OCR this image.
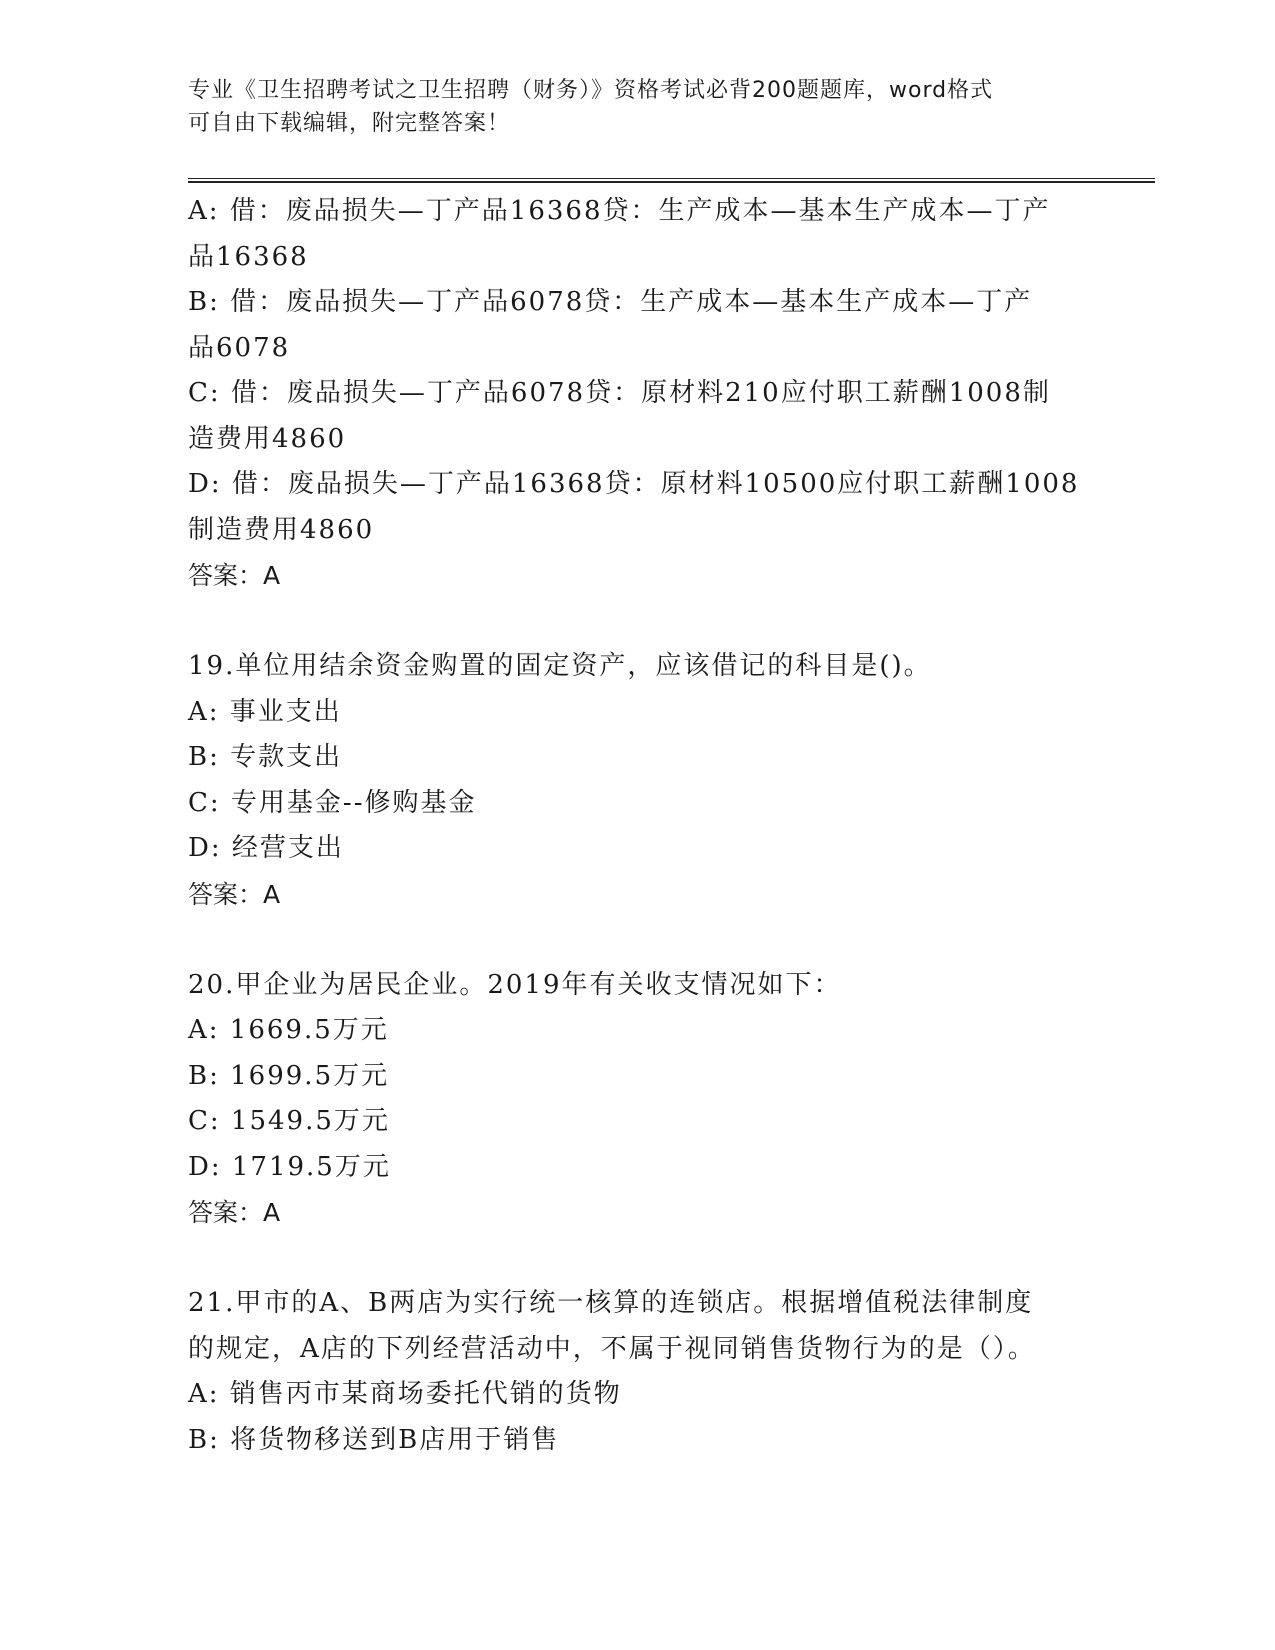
专业《卫生招聘考试之卫生招聘（财务）》资格考试必背200题题库，word格式
可自由下载编辑，附完整答案！
A: 借：废品损失—丁产品16368贷：生产成本—基本生产成本—丁产
品16368
B: 借：废品损失—丁产品6078贷：生产成本—基本生产成本—丁产
品6078
C: 借：废品损失—丁产品6078贷：原材料210应付职工薪酬1008制
造费用4860
D: 借：废品损失—丁产品16368贷：原材料10500应付职工薪酬1008
制造费用4860
答案：A
19.单位用结余资金购置的固定资产，应该借记的科目是()。
A: 事业支出
B: 专款支出
C: 专用基金--修购基金
D: 经营支出
答案：A
20.甲企业为居民企业。2019年有关收支情况如下：
A: 1669.5万元
B: 1699.5万元
C: 1549.5万元
D: 1719.5万元
答案：A
21.甲市的A、B两店为实行统一核算的连锁店。根据增值税法律制度
的规定，A店的下列经营活动中，不属于视同销售货物行为的是（）。
A: 销售丙市某商场委托代销的货物
B: 将货物移送到B店用于销售
